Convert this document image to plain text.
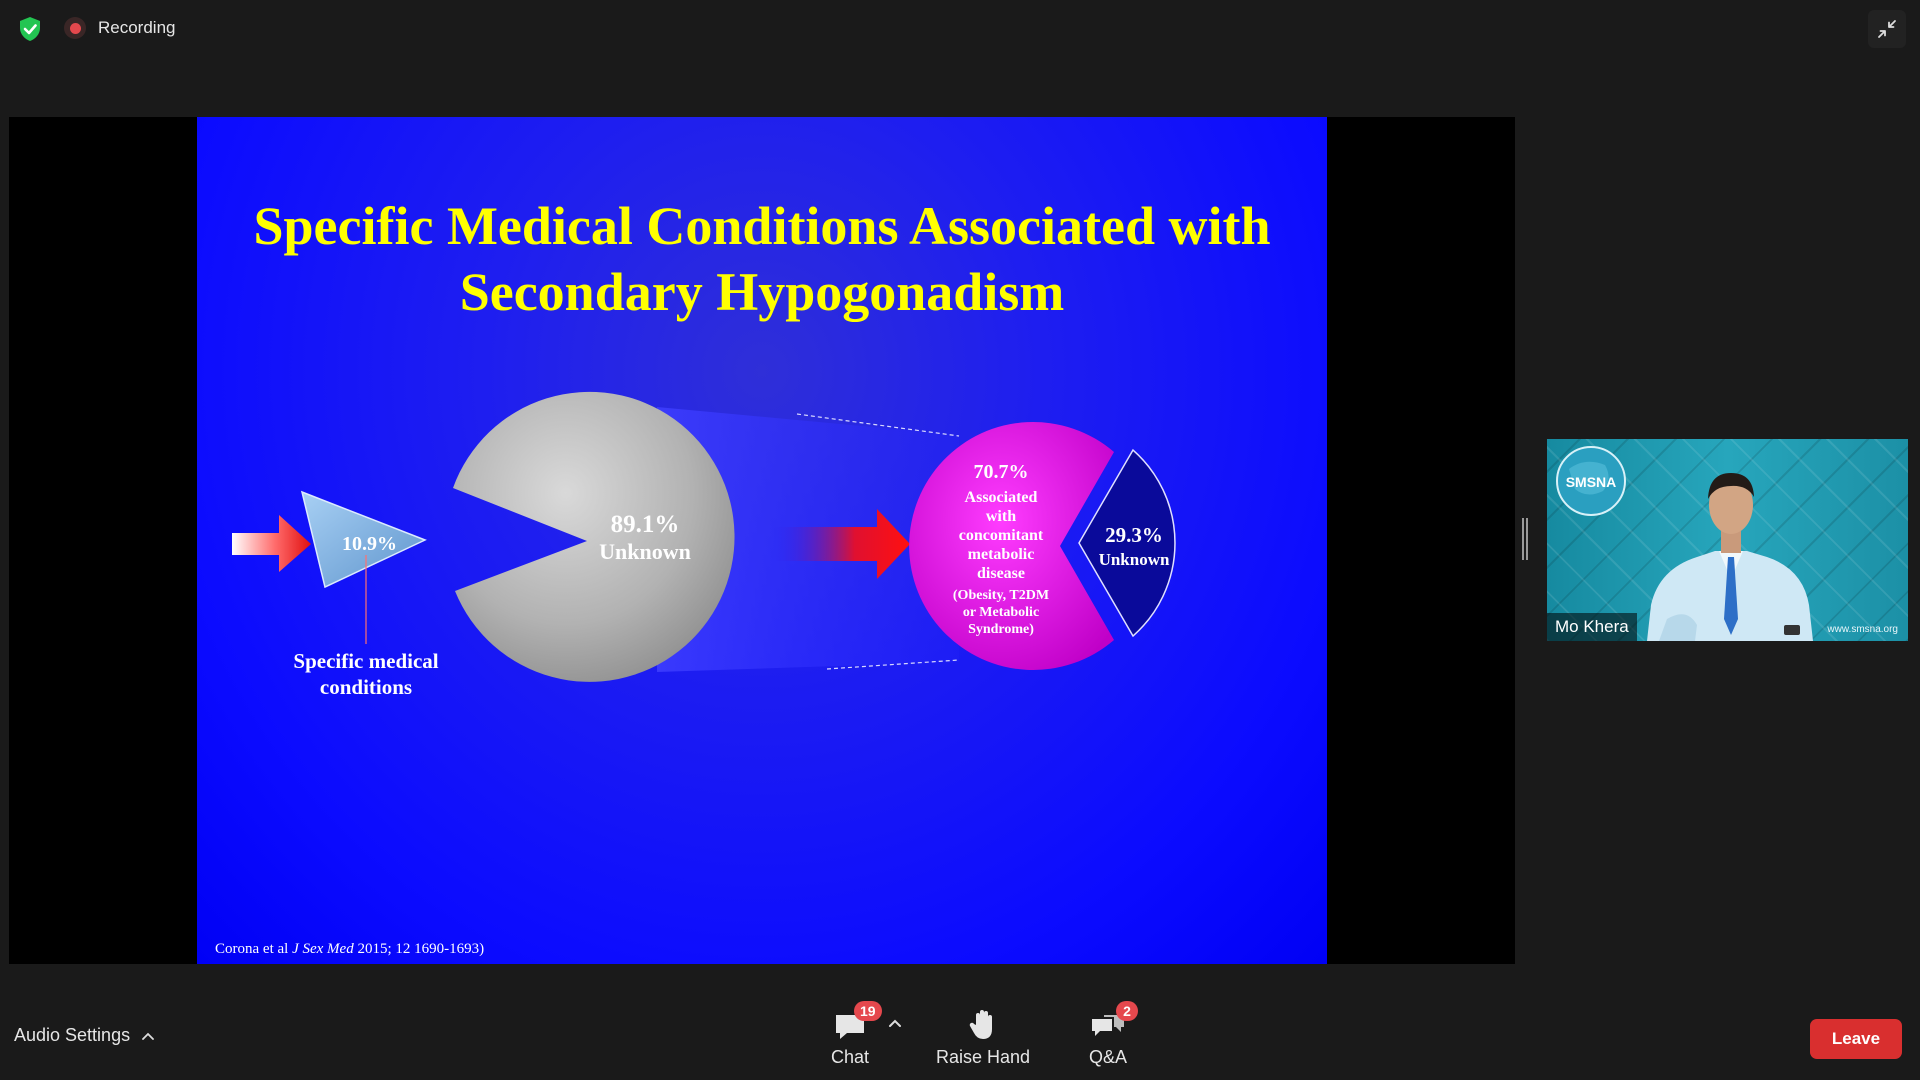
Recording
Specific Medical Conditions Associated with
Secondary Hypogonadism
10.9%
Specific medical
conditions
89.1%
Unknown
70.7%
Associated
with
concomitant
metabolic
disease
(Obesity, T2DM
or Metabolic
Syndrome)
29.3%
Unknown
Corona et al J Sex Med 2015; 12 1690-1693)
SMSNA
Mo Khera	www.smsna.org
Audio Settings
19
Chat	Raise Hand
2
Q&A
Leave
